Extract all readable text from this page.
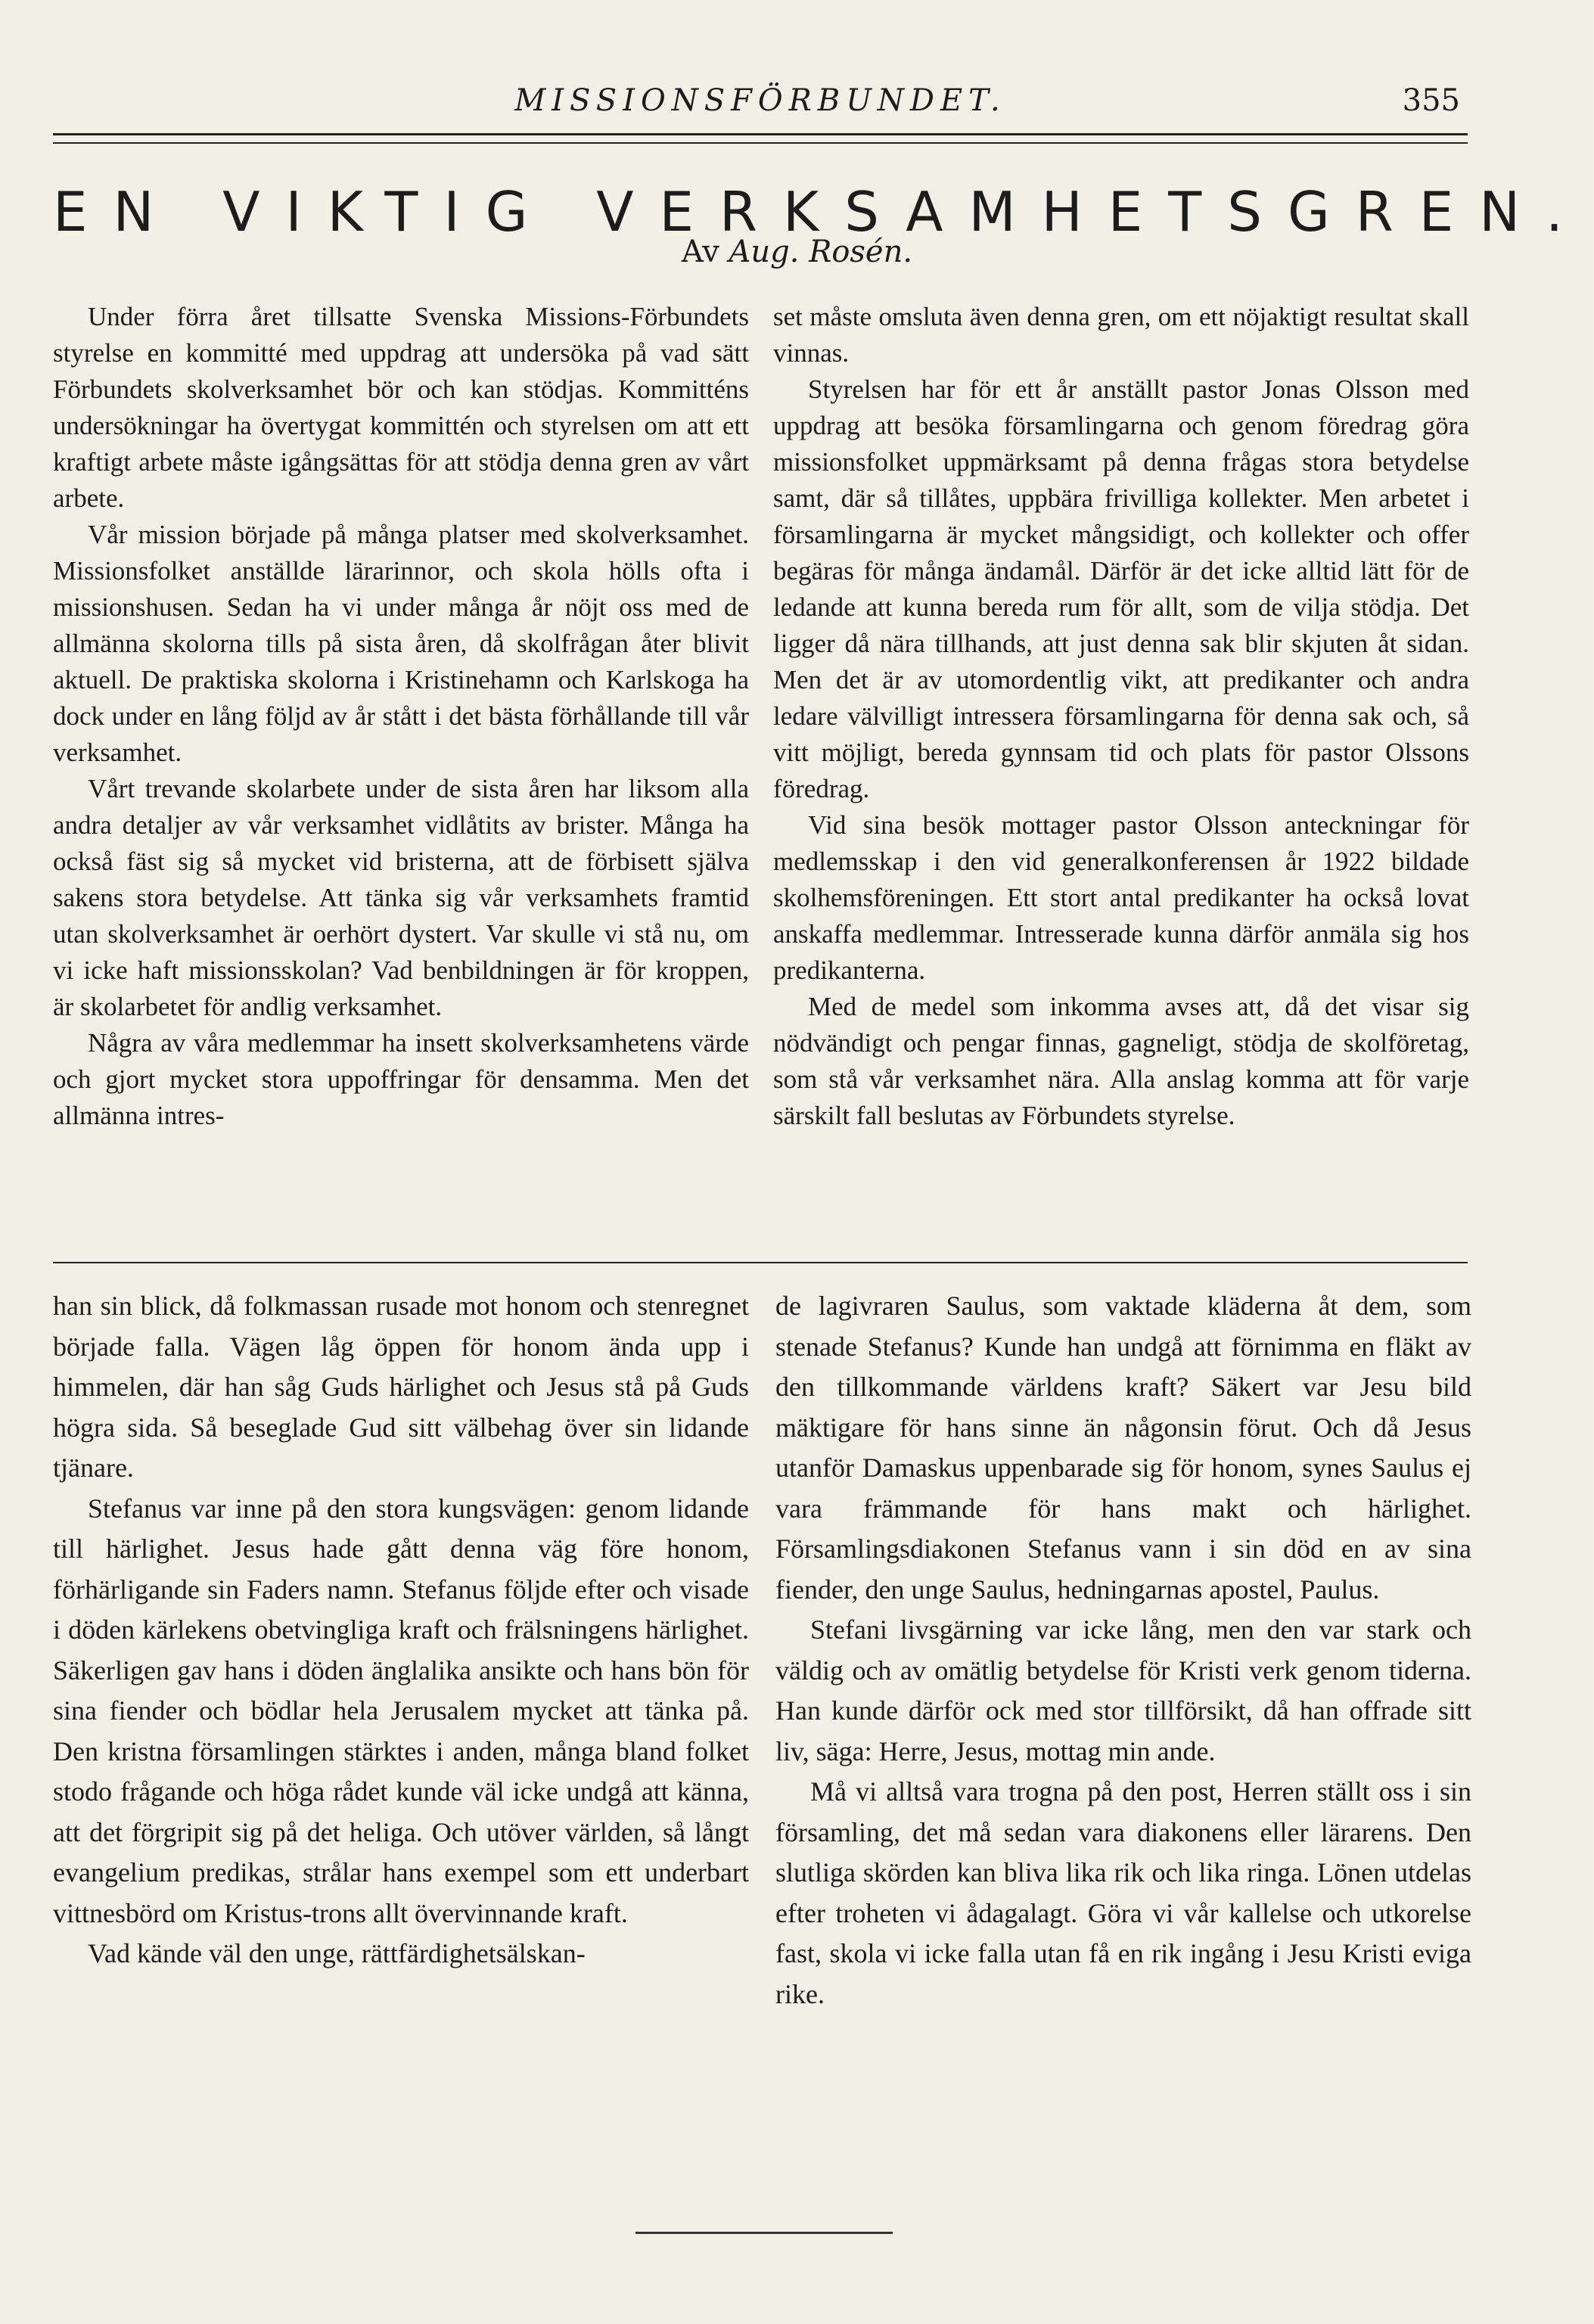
MISSIONSFÖRBUNDET.	355
EN VIKTIG VERKSAMHETSGREN.
Av Aug. Rosén.

Under förra året tillsatte Svenska Missions-Förbundets styrelse en kommitté med uppdrag att undersöka på vad sätt Förbundets skolverksamhet bör och kan stödjas. Kommitténs undersökningar ha övertygat kommittén och styrelsen om att ett kraftigt arbete måste igångsättas för att stödja denna gren av vårt arbete.

Vår mission började på många platser med skolverksamhet. Missionsfolket anställde lärarinnor, och skola hölls ofta i missionshusen. Sedan ha vi under många år nöjt oss med de allmänna skolorna tills på sista åren, då skolfrågan åter blivit aktuell. De praktiska skolorna i Kristinehamn och Karlskoga ha dock under en lång följd av år stått i det bästa förhållande till vår verksamhet.

Vårt trevande skolarbete under de sista åren har liksom alla andra detaljer av vår verksamhet vidlåtits av brister. Många ha också fäst sig så mycket vid bristerna, att de förbisett själva sakens stora betydelse. Att tänka sig vår verksamhets framtid utan skolverksamhet är oerhört dystert. Var skulle vi stå nu, om vi icke haft missionsskolan? Vad benbildningen är för kroppen, är skolarbetet för andlig verksamhet.

Några av våra medlemmar ha insett skolverksamhetens värde och gjort mycket stora uppoffringar för densamma. Men det allmänna intres-

set måste omsluta även denna gren, om ett nöjaktigt resultat skall vinnas.

Styrelsen har för ett år anställt pastor Jonas Olsson med uppdrag att besöka församlingarna och genom föredrag göra missionsfolket uppmärksamt på denna frågas stora betydelse samt, där så tillåtes, uppbära frivilliga kollekter. Men arbetet i församlingarna är mycket mångsidigt, och kollekter och offer begäras för många ändamål. Därför är det icke alltid lätt för de ledande att kunna bereda rum för allt, som de vilja stödja. Det ligger då nära tillhands, att just denna sak blir skjuten åt sidan. Men det är av utomordentlig vikt, att predikanter och andra ledare välvilligt intressera församlingarna för denna sak och, så vitt möjligt, bereda gynnsam tid och plats för pastor Olssons föredrag.

Vid sina besök mottager pastor Olsson anteckningar för medlemsskap i den vid generalkonferensen år 1922 bildade skolhemsföreningen. Ett stort antal predikanter ha också lovat anskaffa medlemmar. Intresserade kunna därför anmäla sig hos predikanterna.

Med de medel som inkomma avses att, då det visar sig nödvändigt och pengar finnas, gagneligt, stödja de skolföretag, som stå vår verksamhet nära. Alla anslag komma att för varje särskilt fall beslutas av Förbundets styrelse.

han sin blick, då folkmassan rusade mot honom och stenregnet började falla. Vägen låg öppen för honom ända upp i himmelen, där han såg Guds härlighet och Jesus stå på Guds högra sida. Så beseglade Gud sitt välbehag över sin lidande tjänare.

Stefanus var inne på den stora kungsvägen: genom lidande till härlighet. Jesus hade gått denna väg före honom, förhärligande sin Faders namn. Stefanus följde efter och visade i döden kärlekens obetvingliga kraft och frälsningens härlighet. Säkerligen gav hans i döden änglalika ansikte och hans bön för sina fiender och bödlar hela Jerusalem mycket att tänka på. Den kristna församlingen stärktes i anden, många bland folket stodo frågande och höga rådet kunde väl icke undgå att känna, att det förgripit sig på det heliga. Och utöver världen, så långt evangelium predikas, strålar hans exempel som ett underbart vittnesbörd om Kristus-trons allt övervinnande kraft.

Vad kände väl den unge, rättfärdighetsälskan-

de lagivraren Saulus, som vaktade kläderna åt dem, som stenade Stefanus? Kunde han undgå att förnimma en fläkt av den tillkommande världens kraft? Säkert var Jesu bild mäktigare för hans sinne än någonsin förut. Och då Jesus utanför Damaskus uppenbarade sig för honom, synes Saulus ej vara främmande för hans makt och härlighet. Församlingsdiakonen Stefanus vann i sin död en av sina fiender, den unge Saulus, hedningarnas apostel, Paulus.

Stefani livsgärning var icke lång, men den var stark och väldig och av omätlig betydelse för Kristi verk genom tiderna. Han kunde därför ock med stor tillförsikt, då han offrade sitt liv, säga: Herre, Jesus, mottag min ande.

Må vi alltså vara trogna på den post, Herren ställt oss i sin församling, det må sedan vara diakonens eller lärarens. Den slutliga skörden kan bliva lika rik och lika ringa. Lönen utdelas efter troheten vi ådagalagt. Göra vi vår kallelse och utkorelse fast, skola vi icke falla utan få en rik ingång i Jesu Kristi eviga rike.
